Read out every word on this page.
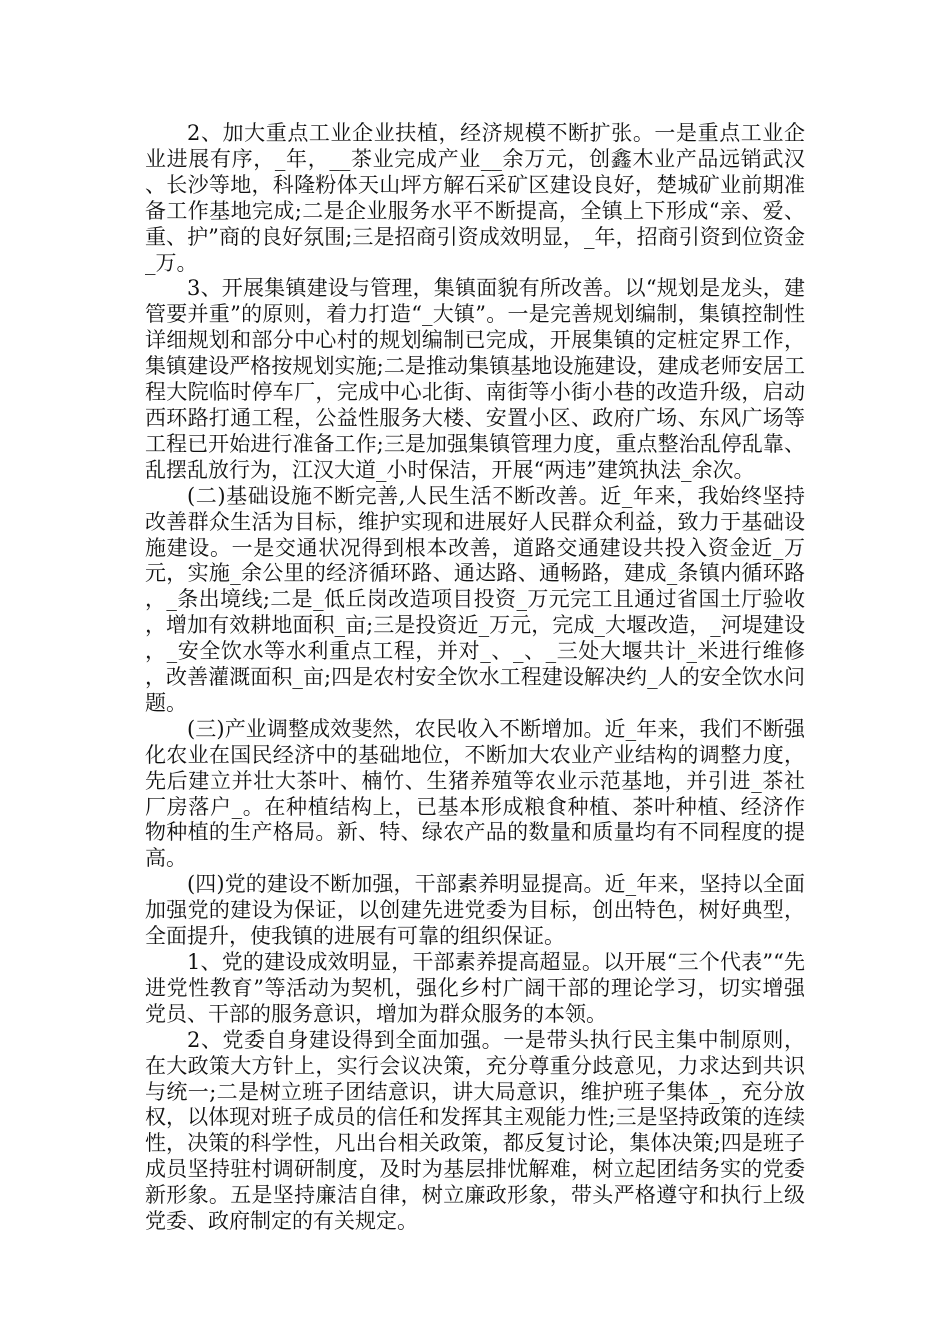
2、加大重点工业企业扶植，经济规模不断扩张。一是重点工业企业进展有序，_年，__茶业完成产业__余万元，创鑫木业产品远销武汉、长沙等地，科隆粉体天山坪方解石采矿区建设良好，楚城矿业前期准备工作基地完成;二是企业服务水平不断提高，全镇上下形成“亲、爱、重、护”商的良好氛围;三是招商引资成效明显，_年，招商引资到位资金_万。

3、开展集镇建设与管理，集镇面貌有所改善。以“规划是龙头，建管要并重”的原则，着力打造“_大镇”。一是完善规划编制，集镇控制性详细规划和部分中心村的规划编制已完成，开展集镇的定桩定界工作，集镇建设严格按规划实施;二是推动集镇基地设施建设，建成老师安居工程大院临时停车厂，完成中心北街、南街等小街小巷的改造升级，启动西环路打通工程，公益性服务大楼、安置小区、政府广场、东风广场等工程已开始进行准备工作;三是加强集镇管理力度，重点整治乱停乱靠、乱摆乱放行为，江汉大道_小时保洁，开展“两违”建筑执法_余次。

(二)基础设施不断完善,人民生活不断改善。近_年来，我始终坚持改善群众生活为目标，维护实现和进展好人民群众利益，致力于基础设施建设。一是交通状况得到根本改善，道路交通建设共投入资金近_万元，实施_余公里的经济循环路、通达路、通畅路，建成_条镇内循环路，_条出境线;二是_低丘岗改造项目投资_万元完工且通过省国土厅验收，增加有效耕地面积_亩;三是投资近_万元，完成_大堰改造，_河堤建设，_安全饮水等水利重点工程，并对_、_、_三处大堰共计_米进行维修，改善灌溉面积_亩;四是农村安全饮水工程建设解决约_人的安全饮水问题。

(三)产业调整成效斐然，农民收入不断增加。近_年来，我们不断强化农业在国民经济中的基础地位，不断加大农业产业结构的调整力度，先后建立并壮大茶叶、楠竹、生猪养殖等农业示范基地，并引进_茶社厂房落户_。在种植结构上，已基本形成粮食种植、茶叶种植、经济作物种植的生产格局。新、特、绿农产品的数量和质量均有不同程度的提高。

(四)党的建设不断加强，干部素养明显提高。近_年来，坚持以全面加强党的建设为保证，以创建先进党委为目标，创出特色，树好典型，全面提升，使我镇的进展有可靠的组织保证。

1、党的建设成效明显，干部素养提高超显。以开展“三个代表”“先进党性教育”等活动为契机，强化乡村广阔干部的理论学习，切实增强党员、干部的服务意识，增加为群众服务的本领。

2、党委自身建设得到全面加强。一是带头执行民主集中制原则，在大政策大方针上，实行会议决策，充分尊重分歧意见，力求达到共识与统一;二是树立班子团结意识，讲大局意识，维护班子集体_，充分放权，以体现对班子成员的信任和发挥其主观能力性;三是坚持政策的连续性，决策的科学性，凡出台相关政策，都反复讨论，集体决策;四是班子成员坚持驻村调研制度，及时为基层排忧解难，树立起团结务实的党委新形象。五是坚持廉洁自律，树立廉政形象，带头严格遵守和执行上级党委、政府制定的有关规定。
